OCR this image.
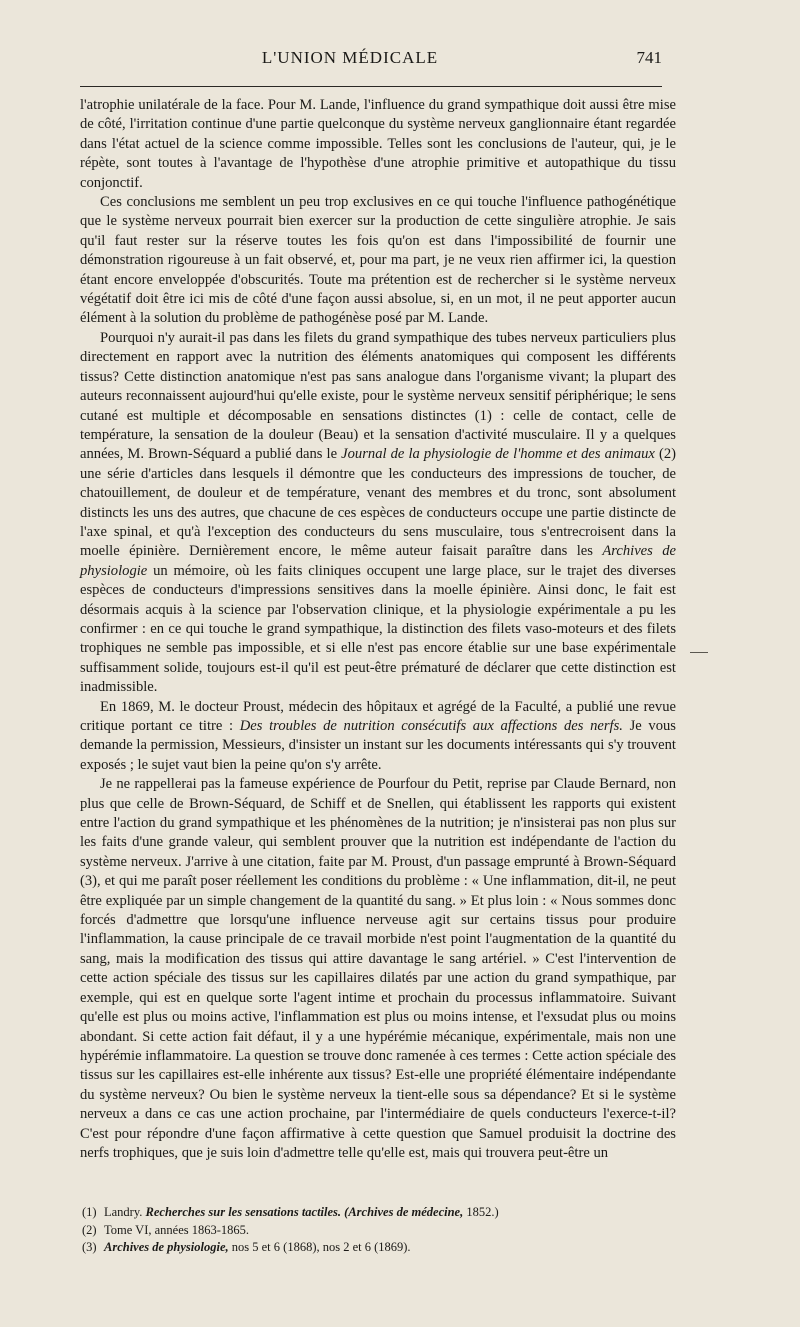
L'UNION MÉDICALE	741

l'atrophie unilatérale de la face. Pour M. Lande, l'influence du grand sympathique doit aussi être mise de côté, l'irritation continue d'une partie quelconque du système nerveux ganglionnaire étant regardée dans l'état actuel de la science comme impossible. Telles sont les conclusions de l'auteur, qui, je le répète, sont toutes à l'avantage de l'hypothèse d'une atrophie primitive et autopathique du tissu conjonctif.

Ces conclusions me semblent un peu trop exclusives en ce qui touche l'influence pathogénétique que le système nerveux pourrait bien exercer sur la production de cette singulière atrophie. Je sais qu'il faut rester sur la réserve toutes les fois qu'on est dans l'impossibilité de fournir une démonstration rigoureuse à un fait observé, et, pour ma part, je ne veux rien affirmer ici, la question étant encore enveloppée d'obscurités. Toute ma prétention est de rechercher si le système nerveux végétatif doit être ici mis de côté d'une façon aussi absolue, si, en un mot, il ne peut apporter aucun élément à la solution du problème de pathogénèse posé par M. Lande.

Pourquoi n'y aurait-il pas dans les filets du grand sympathique des tubes nerveux particuliers plus directement en rapport avec la nutrition des éléments anatomiques qui composent les différents tissus? Cette distinction anatomique n'est pas sans analogue dans l'organisme vivant; la plupart des auteurs reconnaissent aujourd'hui qu'elle existe, pour le système nerveux sensitif périphérique; le sens cutané est multiple et décomposable en sensations distinctes (1) : celle de contact, celle de température, la sensation de la douleur (Beau) et la sensation d'activité musculaire. Il y a quelques années, M. Brown-Séquard a publié dans le Journal de la physiologie de l'homme et des animaux (2) une série d'articles dans lesquels il démontre que les conducteurs des impressions de toucher, de chatouillement, de douleur et de température, venant des membres et du tronc, sont absolument distincts les uns des autres, que chacune de ces espèces de conducteurs occupe une partie distincte de l'axe spinal, et qu'à l'exception des conducteurs du sens musculaire, tous s'entrecroisent dans la moelle épinière. Dernièrement encore, le même auteur faisait paraître dans les Archives de physiologie un mémoire, où les faits cliniques occupent une large place, sur le trajet des diverses espèces de conducteurs d'impressions sensitives dans la moelle épinière. Ainsi donc, le fait est désormais acquis à la science par l'observation clinique, et la physiologie expérimentale a pu les confirmer : en ce qui touche le grand sympathique, la distinction des filets vaso-moteurs et des filets trophiques ne semble pas impossible, et si elle n'est pas encore établie sur une base expérimentale suffisamment solide, toujours est-il qu'il est peut-être prématuré de déclarer que cette distinction est inadmissible.

En 1869, M. le docteur Proust, médecin des hôpitaux et agrégé de la Faculté, a publié une revue critique portant ce titre : Des troubles de nutrition consécutifs aux affections des nerfs. Je vous demande la permission, Messieurs, d'insister un instant sur les documents intéressants qui s'y trouvent exposés ; le sujet vaut bien la peine qu'on s'y arrête.

Je ne rappellerai pas la fameuse expérience de Pourfour du Petit, reprise par Claude Bernard, non plus que celle de Brown-Séquard, de Schiff et de Snellen, qui établissent les rapports qui existent entre l'action du grand sympathique et les phénomènes de la nutrition; je n'insisterai pas non plus sur les faits d'une grande valeur, qui semblent prouver que la nutrition est indépendante de l'action du système nerveux. J'arrive à une citation, faite par M. Proust, d'un passage emprunté à Brown-Séquard (3), et qui me paraît poser réellement les conditions du problème : « Une inflammation, dit-il, ne peut être expliquée par un simple changement de la quantité du sang. » Et plus loin : « Nous sommes donc forcés d'admettre que lorsqu'une influence nerveuse agit sur certains tissus pour produire l'inflammation, la cause principale de ce travail morbide n'est point l'augmentation de la quantité du sang, mais la modification des tissus qui attire davantage le sang artériel. » C'est l'intervention de cette action spéciale des tissus sur les capillaires dilatés par une action du grand sympathique, par exemple, qui est en quelque sorte l'agent intime et prochain du processus inflammatoire. Suivant qu'elle est plus ou moins active, l'inflammation est plus ou moins intense, et l'exsudat plus ou moins abondant. Si cette action fait défaut, il y a une hypérémie mécanique, expérimentale, mais non une hypérémie inflammatoire. La question se trouve donc ramenée à ces termes : Cette action spéciale des tissus sur les capillaires est-elle inhérente aux tissus? Est-elle une propriété élémentaire indépendante du système nerveux? Ou bien le système nerveux la tient-elle sous sa dépendance? Et si le système nerveux a dans ce cas une action prochaine, par l'intermédiaire de quels conducteurs l'exerce-t-il? C'est pour répondre d'une façon affirmative à cette question que Samuel produisit la doctrine des nerfs trophiques, que je suis loin d'admettre telle qu'elle est, mais qui trouvera peut-être un

(1) Landry. Recherches sur les sensations tactiles. (Archives de médecine, 1852.)

(2) Tome VI, années 1863-1865.

(3) Archives de physiologie, nos 5 et 6 (1868), nos 2 et 6 (1869).
